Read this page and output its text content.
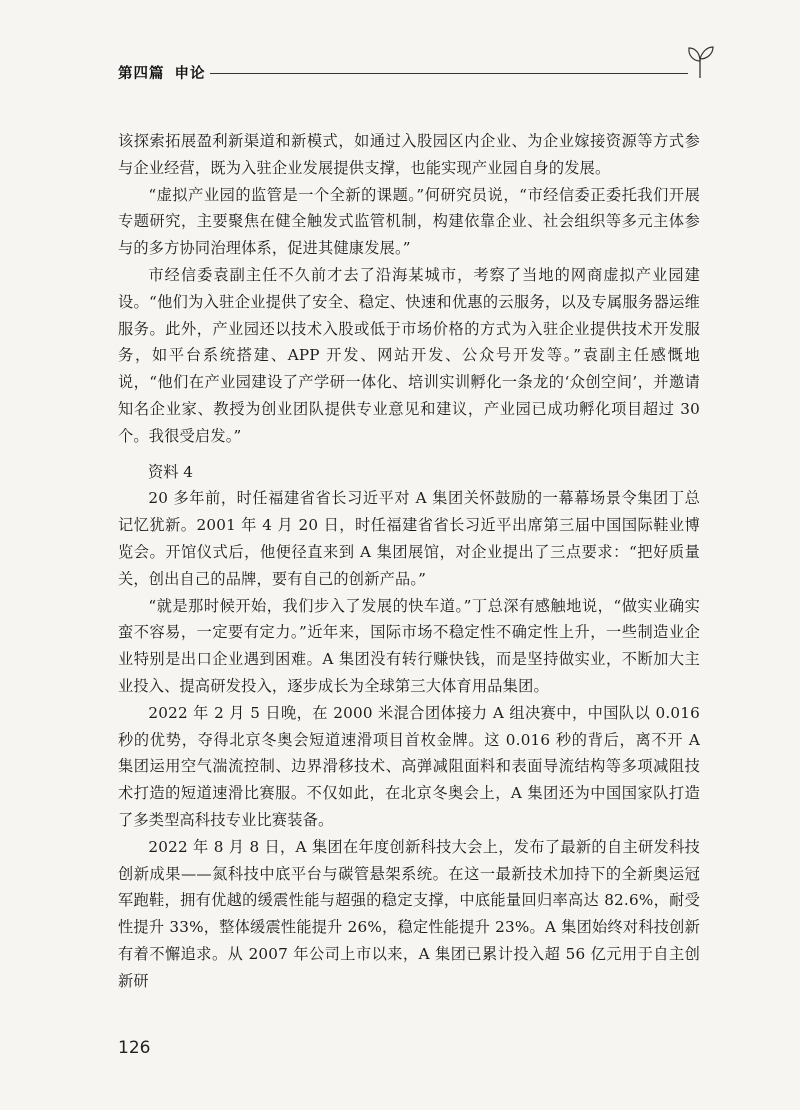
第四篇 申论

该探索拓展盈利新渠道和新模式，如通过入股园区内企业、为企业嫁接资源等方式参与企业经营，既为入驻企业发展提供支撑，也能实现产业园自身的发展。

“虚拟产业园的监管是一个全新的课题。”何研究员说，“市经信委正委托我们开展专题研究，主要聚焦在健全触发式监管机制，构建依靠企业、社会组织等多元主体参与的多方协同治理体系，促进其健康发展。”

市经信委袁副主任不久前才去了沿海某城市，考察了当地的网商虚拟产业园建设。“他们为入驻企业提供了安全、稳定、快速和优惠的云服务，以及专属服务器运维服务。此外，产业园还以技术入股或低于市场价格的方式为入驻企业提供技术开发服务，如平台系统搭建、APP 开发、网站开发、公众号开发等。”袁副主任感慨地说，“他们在产业园建设了产学研一体化、培训实训孵化一条龙的‘众创空间’，并邀请知名企业家、教授为创业团队提供专业意见和建议，产业园已成功孵化项目超过 30 个。我很受启发。”

资料 4

20 多年前，时任福建省省长习近平对 A 集团关怀鼓励的一幕幕场景令集团丁总记忆犹新。2001 年 4 月 20 日，时任福建省省长习近平出席第三届中国国际鞋业博览会。开馆仪式后，他便径直来到 A 集团展馆，对企业提出了三点要求：“把好质量关，创出自己的品牌，要有自己的创新产品。”

“就是那时候开始，我们步入了发展的快车道。”丁总深有感触地说，“做实业确实蛮不容易，一定要有定力。”近年来，国际市场不稳定性不确定性上升，一些制造业企业特别是出口企业遇到困难。A 集团没有转行赚快钱，而是坚持做实业，不断加大主业投入、提高研发投入，逐步成长为全球第三大体育用品集团。

2022 年 2 月 5 日晚，在 2000 米混合团体接力 A 组决赛中，中国队以 0.016 秒的优势，夺得北京冬奥会短道速滑项目首枚金牌。这 0.016 秒的背后，离不开 A 集团运用空气湍流控制、边界滑移技术、高弹减阻面料和表面导流结构等多项减阻技术打造的短道速滑比赛服。不仅如此，在北京冬奥会上，A 集团还为中国国家队打造了多类型高科技专业比赛装备。

2022 年 8 月 8 日，A 集团在年度创新科技大会上，发布了最新的自主研发科技创新成果——氮科技中底平台与碳管悬架系统。在这一最新技术加持下的全新奥运冠军跑鞋，拥有优越的缓震性能与超强的稳定支撑，中底能量回归率高达 82.6%，耐受性提升 33%，整体缓震性能提升 26%，稳定性能提升 23%。A 集团始终对科技创新有着不懈追求。从 2007 年公司上市以来，A 集团已累计投入超 56 亿元用于自主创新研

126
